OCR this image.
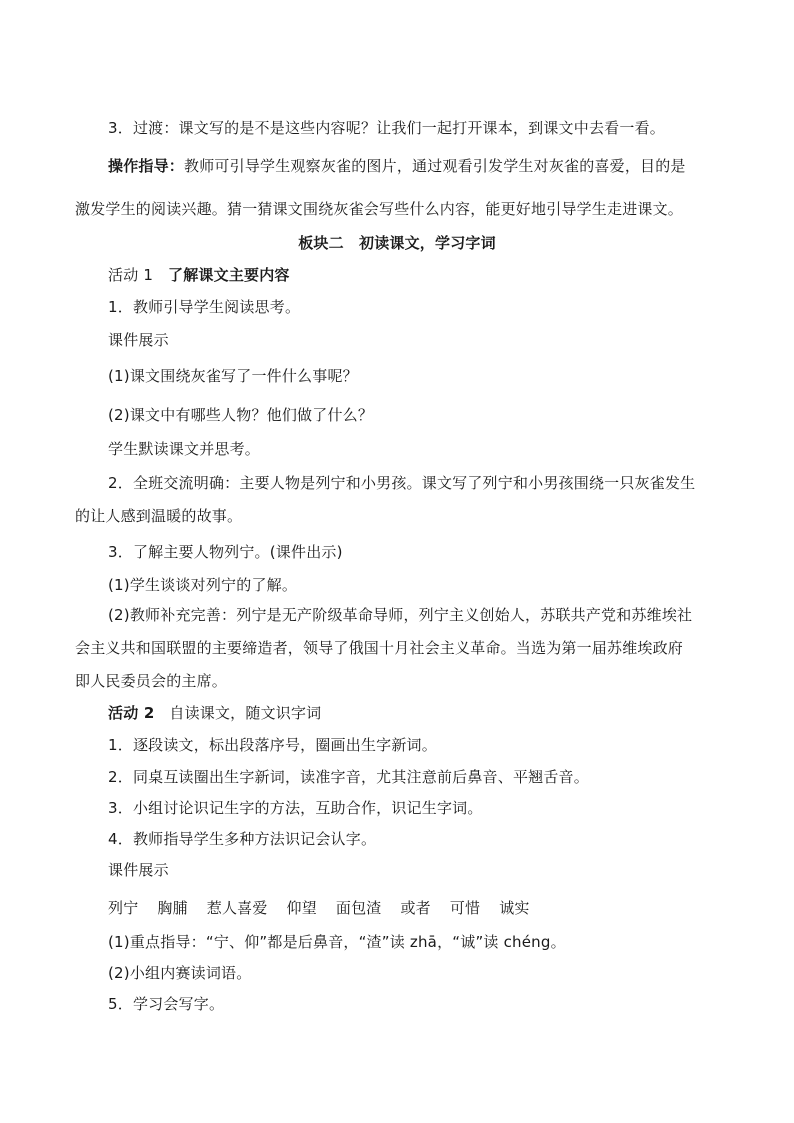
3．过渡：课文写的是不是这些内容呢？让我们一起打开课本，到课文中去看一看。
操作指导：教师可引导学生观察灰雀的图片，通过观看引发学生对灰雀的喜爱，目的是
激发学生的阅读兴趣。猜一猜课文围绕灰雀会写些什么内容，能更好地引导学生走进课文。
板块二　初读课文，学习字词
活动 1 了解课文主要内容
1．教师引导学生阅读思考。
课件展示
(1)课文围绕灰雀写了一件什么事呢？
(2)课文中有哪些人物？他们做了什么？
学生默读课文并思考。
2．全班交流明确：主要人物是列宁和小男孩。课文写了列宁和小男孩围绕一只灰雀发生
的让人感到温暖的故事。
3．了解主要人物列宁。(课件出示)
(1)学生谈谈对列宁的了解。
(2)教师补充完善：列宁是无产阶级革命导师，列宁主义创始人，苏联共产党和苏维埃社
会主义共和国联盟的主要缔造者，领导了俄国十月社会主义革命。当选为第一届苏维埃政府
即人民委员会的主席。
活动 2 自读课文，随文识字词
1．逐段读文，标出段落序号，圈画出生字新词。
2．同桌互读圈出生字新词，读准字音，尤其注意前后鼻音、平翘舌音。
3．小组讨论识记生字的方法，互助合作，识记生字词。
4．教师指导学生多种方法识记会认字。
课件展示
列宁 胸脯 惹人喜爱 仰望 面包渣 或者 可惜 诚实
(1)重点指导：“宁、仰”都是后鼻音，“渣”读 zhā，“诚”读 chéng。
(2)小组内赛读词语。
5．学习会写字。
